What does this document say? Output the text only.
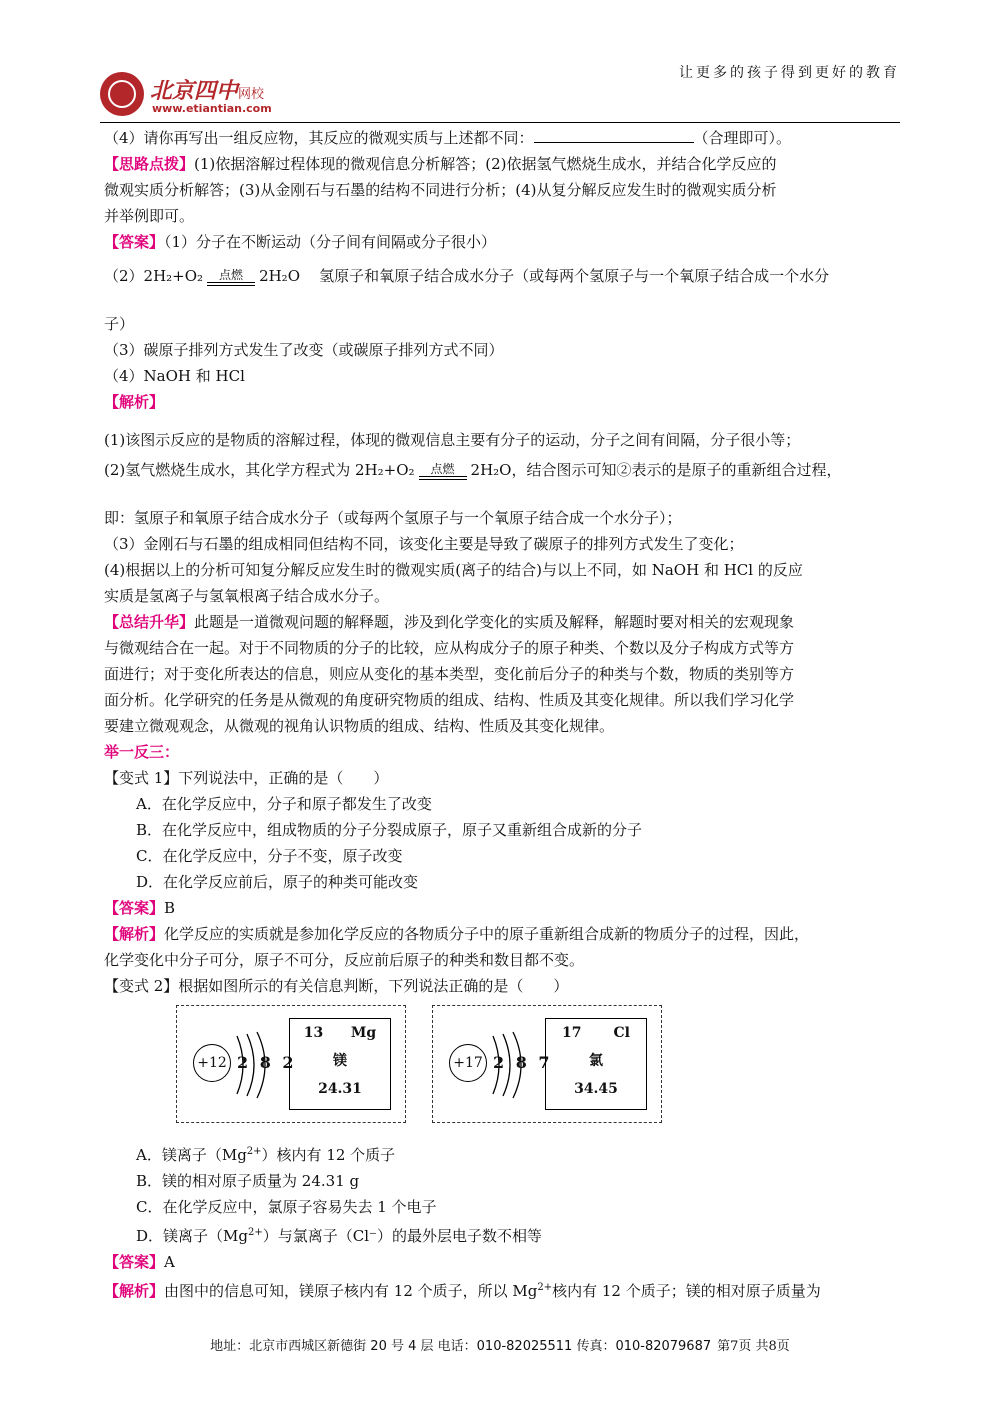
让更多的孩子得到更好的教育
北京四中网校
www.etiantian.com

（4）请你再写出一组反应物，其反应的微观实质与上述都不同：	（合理即可）。

【思路点拨】(1)依据溶解过程体现的微观信息分析解答；(2)依据氢气燃烧生成水，并结合化学反应的

微观实质分析解答；(3)从金刚石与石墨的结构不同进行分析；(4)从复分解反应发生时的微观实质分析

并举例即可。

【答案】（1）分子在不断运动（分子间有间隔或分子很小）

（2）2H₂+O₂	点燃	2H₂O 氢原子和氧原子结合成水分子（或每两个氢原子与一个氧原子结合成一个水分

子）

（3）碳原子排列方式发生了改变（或碳原子排列方式不同）

（4）NaOH 和 HCl

【解析】

(1)该图示反应的是物质的溶解过程，体现的微观信息主要有分子的运动，分子之间有间隔，分子很小等；

(2)氢气燃烧生成水，其化学方程式为 2H₂+O₂	点燃	2H₂O，结合图示可知②表示的是原子的重新组合过程，

即：氢原子和氧原子结合成水分子（或每两个氢原子与一个氧原子结合成一个水分子）；

（3）金刚石与石墨的组成相同但结构不同，该变化主要是导致了碳原子的排列方式发生了变化；

(4)根据以上的分析可知复分解反应发生时的微观实质(离子的结合)与以上不同，如 NaOH 和 HCl 的反应

实质是氢离子与氢氧根离子结合成水分子。

【总结升华】此题是一道微观问题的解释题，涉及到化学变化的实质及解释，解题时要对相关的宏观现象

与微观结合在一起。对于不同物质的分子的比较，应从构成分子的原子种类、个数以及分子构成方式等方

面进行；对于变化所表达的信息，则应从变化的基本类型，变化前后分子的种类与个数，物质的类别等方

面分析。化学研究的任务是从微观的角度研究物质的组成、结构、性质及其变化规律。所以我们学习化学

要建立微观观念，从微观的视角认识物质的组成、结构、性质及其变化规律。

举一反三：

【变式 1】下列说法中，正确的是（　　）

A．在化学反应中，分子和原子都发生了改变

B．在化学反应中，组成物质的分子分裂成原子，原子又重新组合成新的分子

C．在化学反应中，分子不变，原子改变

D．在化学反应前后，原子的种类可能改变

【答案】B

【解析】化学反应的实质就是参加化学反应的各物质分子中的原子重新组合成新的物质分子的过程，因此，

化学变化中分子可分，原子不可分，反应前后原子的种类和数目都不变。

【变式 2】根据如图所示的有关信息判断，下列说法正确的是（　　）

+12 2 8 2
13 Mg
镁
24.31
+17 2 8 7
17 Cl
氯
34.45

A．镁离子$(Mg^{2+})$核内有 12 个质子

B．镁的相对原子质量为 24.31 g

C．在化学反应中，氯原子容易失去 1 个电子

D．镁离子$(Mg^{2+})$与氯离子（Cl⁻）的最外层电子数不相等

【答案】A

【解析】由图中的信息可知，镁原子核内有 12 个质子，所以 $Mg^{2+}$核内有 12 个质子；镁的相对原子质量为

地址：北京市西城区新德街 20 号 4 层 电话：010-82025511 传真：010-82079687 第7页 共8页
